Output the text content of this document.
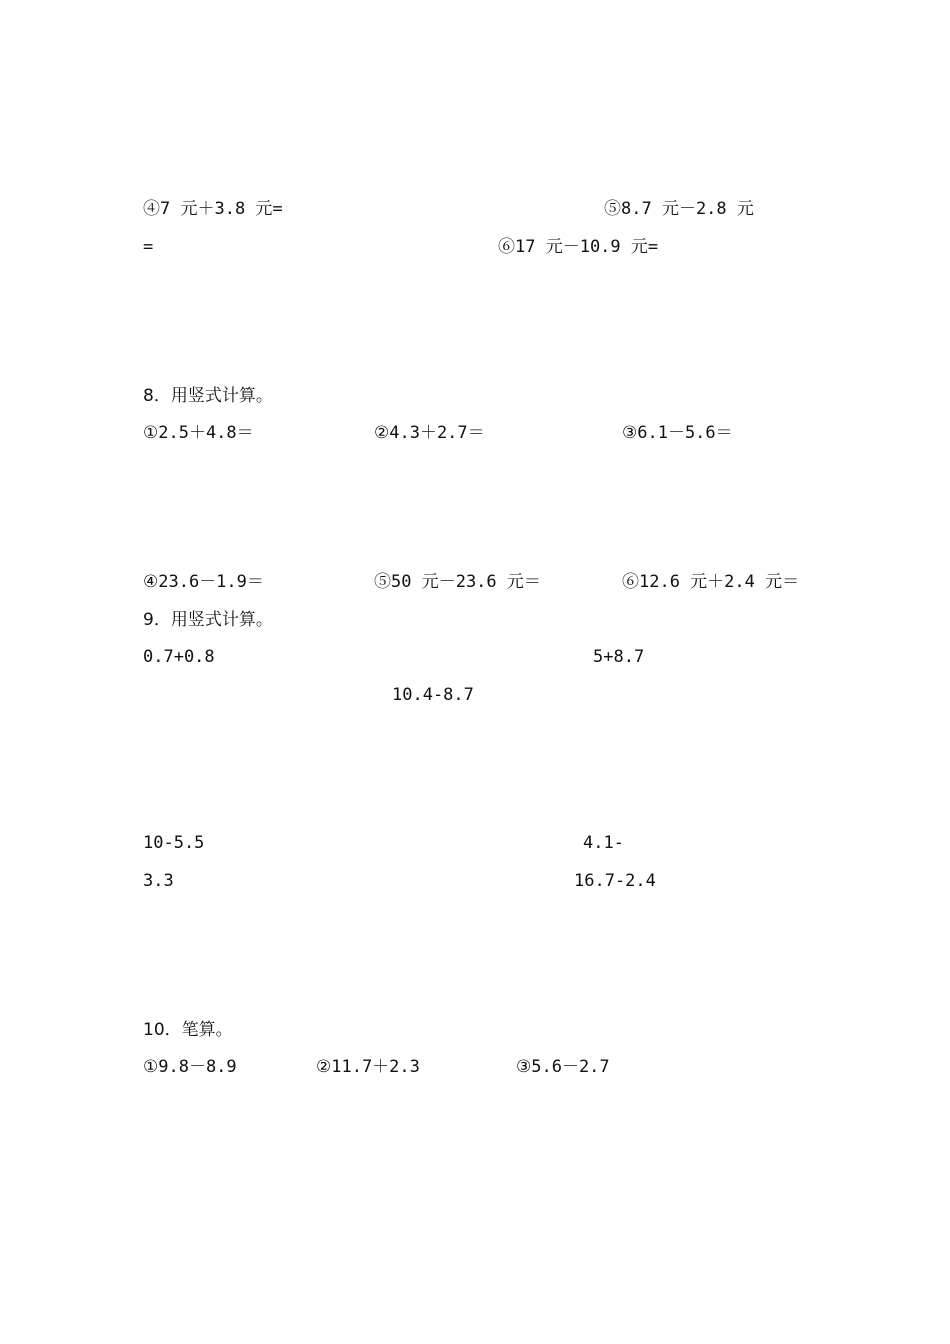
④7 元＋3.8 元=	⑤8.7 元－2.8 元
=	⑥17 元－10.9 元=
8．用竖式计算。
①2.5＋4.8＝	②4.3＋2.7＝	③6.1－5.6＝
④23.6－1.9＝	⑤50 元－23.6 元＝	⑥12.6 元＋2.4 元＝
9．用竖式计算。
0.7+0.8	5+8.7
10.4-8.7
10-5.5	4.1-
3.3	16.7-2.4
10．笔算。
①9.8－8.9	②11.7＋2.3	③5.6－2.7
